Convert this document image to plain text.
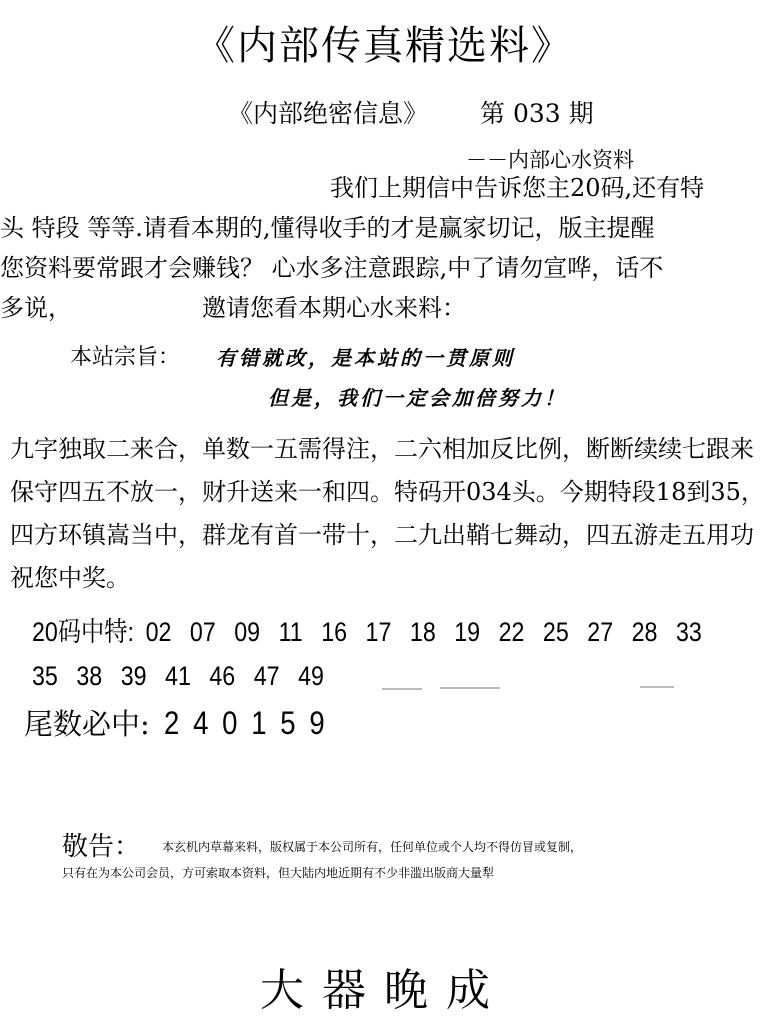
《内部传真精选料》
《内部绝密信息》 第 033 期
－－内部心水资料
我们上期信中告诉您主20码,还有特
头 特段 等等.请看本期的,懂得收手的才是赢家切记，版主提醒
您资料要常跟才会赚钱？ 心水多注意跟踪,中了请勿宣哗，话不
多说，	邀请您看本期心水来料：
本站宗旨： 有错就改，是本站的一贯原则
但是，我们一定会加倍努力！
九字独取二来合，单数一五需得注，二六相加反比例，断断续续七跟来
保守四五不放一，财升送来一和四。特码开034头。今期特段18到35，
四方环镇嵩当中，群龙有首一带十，二九出鞘七舞动，四五游走五用功
祝您中奖。
20码中特: 02 07 09 11 16 17 18 19 22 25 27 28 33
35 38 39 41 46 47 49
尾数必中: 240159
敬告： 本玄机内草幕来料，版权属于本公司所有，任何单位或个人均不得仿冒或复制，
只有在为本公司会员，方可索取本资料，但大陆内地近期有不少非滥出版商大量犁
大器晚成
